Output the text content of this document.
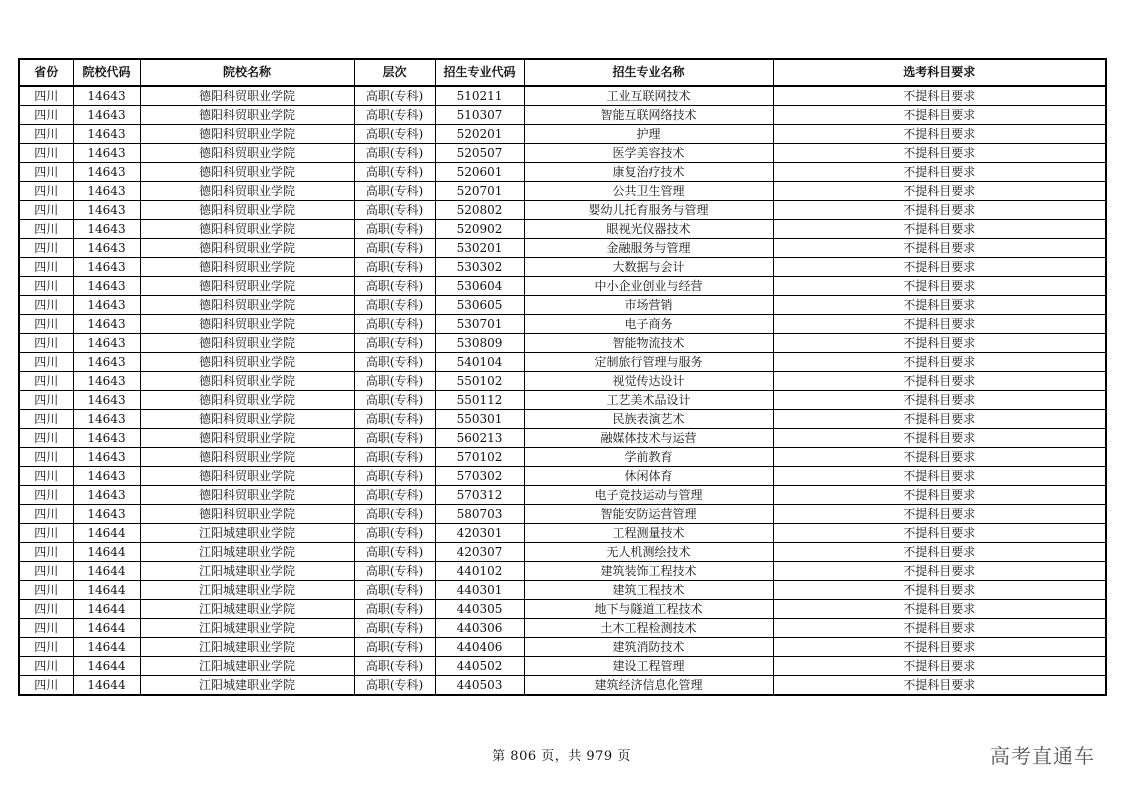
省份	院校代码	院校名称	层次	招生专业代码	招生专业名称	选考科目要求
四川	14643	德阳科贸职业学院	高职(专科)	510211	工业互联网技术	不提科目要求
四川	14643	德阳科贸职业学院	高职(专科)	510307	智能互联网络技术	不提科目要求
四川	14643	德阳科贸职业学院	高职(专科)	520201	护理	不提科目要求
四川	14643	德阳科贸职业学院	高职(专科)	520507	医学美容技术	不提科目要求
四川	14643	德阳科贸职业学院	高职(专科)	520601	康复治疗技术	不提科目要求
四川	14643	德阳科贸职业学院	高职(专科)	520701	公共卫生管理	不提科目要求
四川	14643	德阳科贸职业学院	高职(专科)	520802	婴幼儿托育服务与管理	不提科目要求
四川	14643	德阳科贸职业学院	高职(专科)	520902	眼视光仪器技术	不提科目要求
四川	14643	德阳科贸职业学院	高职(专科)	530201	金融服务与管理	不提科目要求
四川	14643	德阳科贸职业学院	高职(专科)	530302	大数据与会计	不提科目要求
四川	14643	德阳科贸职业学院	高职(专科)	530604	中小企业创业与经营	不提科目要求
四川	14643	德阳科贸职业学院	高职(专科)	530605	市场营销	不提科目要求
四川	14643	德阳科贸职业学院	高职(专科)	530701	电子商务	不提科目要求
四川	14643	德阳科贸职业学院	高职(专科)	530809	智能物流技术	不提科目要求
四川	14643	德阳科贸职业学院	高职(专科)	540104	定制旅行管理与服务	不提科目要求
四川	14643	德阳科贸职业学院	高职(专科)	550102	视觉传达设计	不提科目要求
四川	14643	德阳科贸职业学院	高职(专科)	550112	工艺美术品设计	不提科目要求
四川	14643	德阳科贸职业学院	高职(专科)	550301	民族表演艺术	不提科目要求
四川	14643	德阳科贸职业学院	高职(专科)	560213	融媒体技术与运营	不提科目要求
四川	14643	德阳科贸职业学院	高职(专科)	570102	学前教育	不提科目要求
四川	14643	德阳科贸职业学院	高职(专科)	570302	休闲体育	不提科目要求
四川	14643	德阳科贸职业学院	高职(专科)	570312	电子竞技运动与管理	不提科目要求
四川	14643	德阳科贸职业学院	高职(专科)	580703	智能安防运营管理	不提科目要求
四川	14644	江阳城建职业学院	高职(专科)	420301	工程测量技术	不提科目要求
四川	14644	江阳城建职业学院	高职(专科)	420307	无人机测绘技术	不提科目要求
四川	14644	江阳城建职业学院	高职(专科)	440102	建筑装饰工程技术	不提科目要求
四川	14644	江阳城建职业学院	高职(专科)	440301	建筑工程技术	不提科目要求
四川	14644	江阳城建职业学院	高职(专科)	440305	地下与隧道工程技术	不提科目要求
四川	14644	江阳城建职业学院	高职(专科)	440306	土木工程检测技术	不提科目要求
四川	14644	江阳城建职业学院	高职(专科)	440406	建筑消防技术	不提科目要求
四川	14644	江阳城建职业学院	高职(专科)	440502	建设工程管理	不提科目要求
四川	14644	江阳城建职业学院	高职(专科)	440503	建筑经济信息化管理	不提科目要求
第 806 页，共 979 页	高考直通车
